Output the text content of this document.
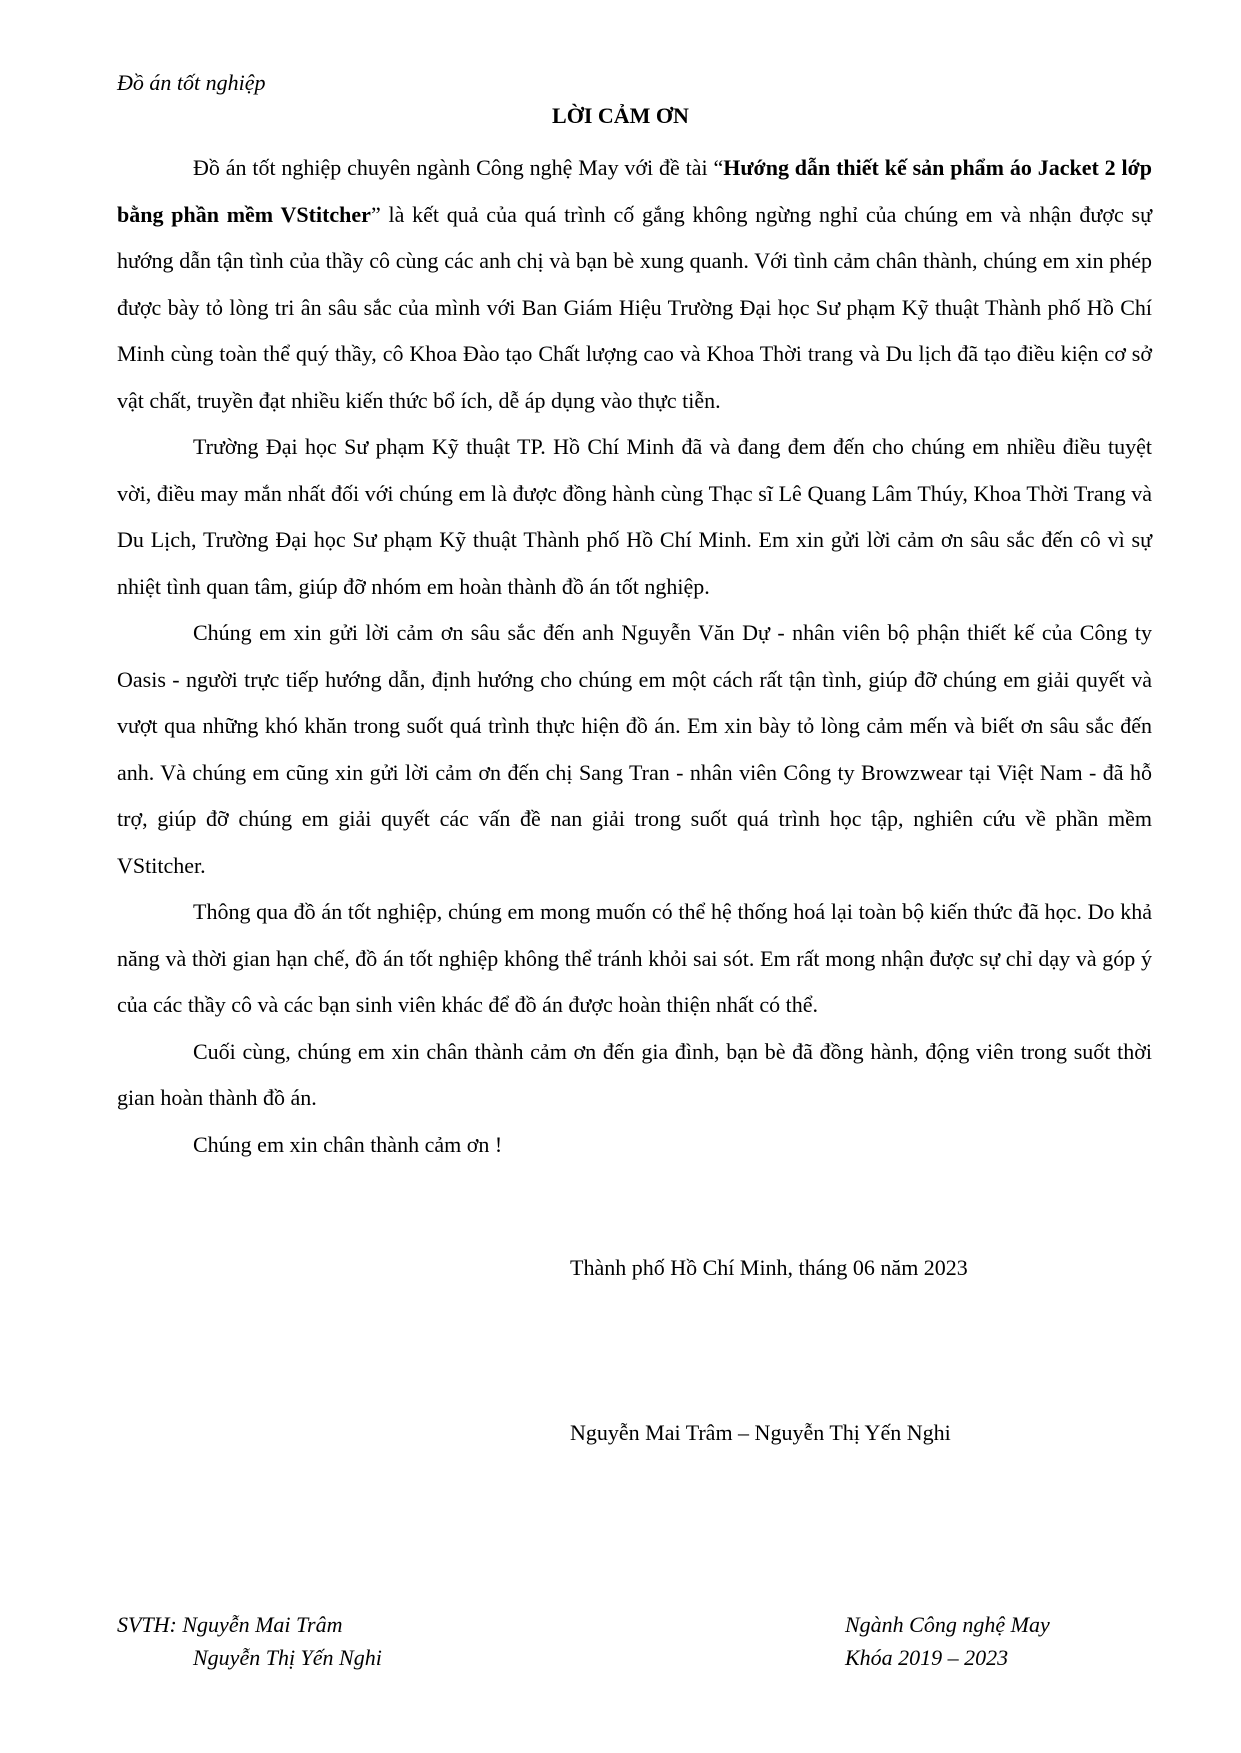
Đồ án tốt nghiệp
LỜI CẢM ƠN

Đồ án tốt nghiệp chuyên ngành Công nghệ May với đề tài “Hướng dẫn thiết kế sản phẩm áo Jacket 2 lớp bằng phần mềm VStitcher” là kết quả của quá trình cố gắng không ngừng nghỉ của chúng em và nhận được sự hướng dẫn tận tình của thầy cô cùng các anh chị và bạn bè xung quanh. Với tình cảm chân thành, chúng em xin phép được bày tỏ lòng tri ân sâu sắc của mình với Ban Giám Hiệu Trường Đại học Sư phạm Kỹ thuật Thành phố Hồ Chí Minh cùng toàn thể quý thầy, cô Khoa Đào tạo Chất lượng cao và Khoa Thời trang và Du lịch đã tạo điều kiện cơ sở vật chất, truyền đạt nhiều kiến thức bổ ích, dễ áp dụng vào thực tiễn.

Trường Đại học Sư phạm Kỹ thuật TP. Hồ Chí Minh đã và đang đem đến cho chúng em nhiều điều tuyệt vời, điều may mắn nhất đối với chúng em là được đồng hành cùng Thạc sĩ Lê Quang Lâm Thúy, Khoa Thời Trang và Du Lịch, Trường Đại học Sư phạm Kỹ thuật Thành phố Hồ Chí Minh. Em xin gửi lời cảm ơn sâu sắc đến cô vì sự nhiệt tình quan tâm, giúp đỡ nhóm em hoàn thành đồ án tốt nghiệp.

Chúng em xin gửi lời cảm ơn sâu sắc đến anh Nguyễn Văn Dự - nhân viên bộ phận thiết kế của Công ty Oasis - người trực tiếp hướng dẫn, định hướng cho chúng em một cách rất tận tình, giúp đỡ chúng em giải quyết và vượt qua những khó khăn trong suốt quá trình thực hiện đồ án. Em xin bày tỏ lòng cảm mến và biết ơn sâu sắc đến anh. Và chúng em cũng xin gửi lời cảm ơn đến chị Sang Tran - nhân viên Công ty Browzwear tại Việt Nam - đã hỗ trợ, giúp đỡ chúng em giải quyết các vấn đề nan giải trong suốt quá trình học tập, nghiên cứu về phần mềm VStitcher.

Thông qua đồ án tốt nghiệp, chúng em mong muốn có thể hệ thống hoá lại toàn bộ kiến thức đã học. Do khả năng và thời gian hạn chế, đồ án tốt nghiệp không thể tránh khỏi sai sót. Em rất mong nhận được sự chỉ dạy và góp ý của các thầy cô và các bạn sinh viên khác để đồ án được hoàn thiện nhất có thể.

Cuối cùng, chúng em xin chân thành cảm ơn đến gia đình, bạn bè đã đồng hành, động viên trong suốt thời gian hoàn thành đồ án.

Chúng em xin chân thành cảm ơn !

Thành phố Hồ Chí Minh, tháng 06 năm 2023
Nguyễn Mai Trâm – Nguyễn Thị Yến Nghi
SVTH: Nguyễn Mai Trâm
Nguyễn Thị Yến Nghi
Ngành Công nghệ May
Khóa 2019 – 2023
